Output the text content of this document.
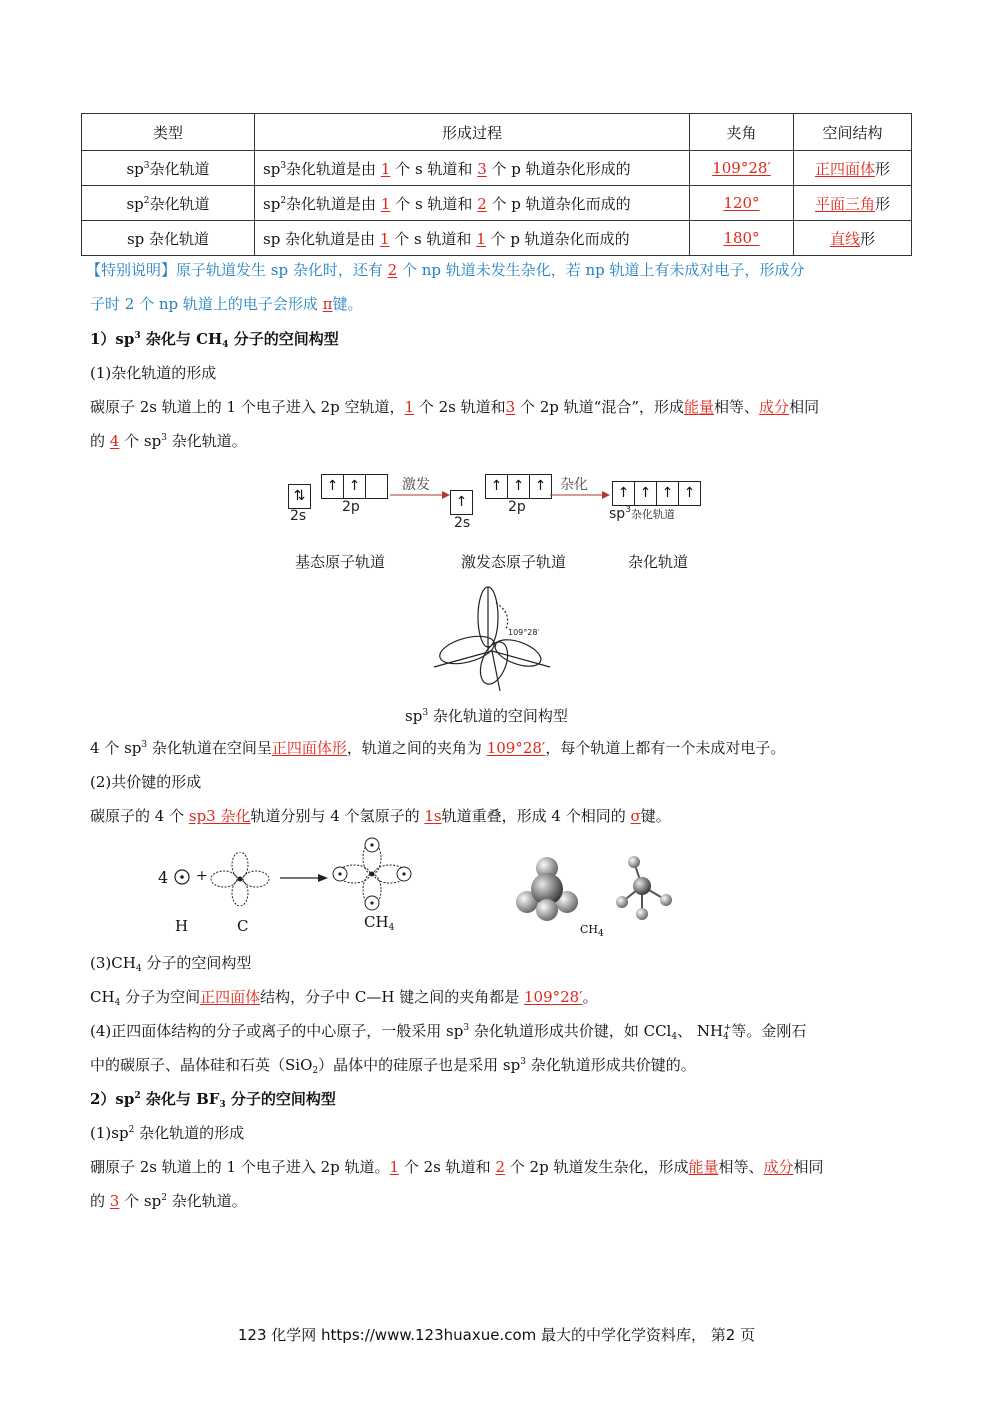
类型	形成过程	夹角	空间结构
$sp^3$杂化轨道	$sp^3$杂化轨道是由 1 个 s 轨道和 3 个 p 轨道杂化形成的	109°28′	正四面体形
$sp^2$杂化轨道	$sp^2$杂化轨道是由 1 个 s 轨道和 2 个 p 轨道杂化而成的	120°	平面三角形
sp 杂化轨道	sp 杂化轨道是由 1 个 s 轨道和 1 个 p 轨道杂化而成的	180°	直线形
【特别说明】原子轨道发生 sp 杂化时，还有 2 个 np 轨道未发生杂化，若 np 轨道上有未成对电子，形成分
子时 2 个 np 轨道上的电子会形成 π键。
$1)sp^3$ 杂化与 $CH_4$ 分子的空间构型
(1)杂化轨道的形成
碳原子 2s 轨道上的 1 个电子进入 2p 空轨道，1 个 2s 轨道和3 个 2p 轨道“混合”，形成能量相等、成分相同
的 4 个 $sp^3$ 杂化轨道。
⇅
2s
↑ ↑
2p
激发	杂化
↑
2s
↑ ↑ ↑
2p
↑ ↑ ↑ ↑
$sp^3$杂化轨道
基态原子轨道	激发态原子轨道	杂化轨道
109°28′
$sp^3$ 杂化轨道的空间构型
4 个 $sp^3$ 杂化轨道在空间呈正四面体形，轨道之间的夹角为 109°28′，每个轨道上都有一个未成对电子。
(2)共价键的形成
碳原子的 4 个 sp3 杂化轨道分别与 4 个氢原子的 1s轨道重叠，形成 4 个相同的 σ键。
4 +
H	C	$CH_4$	$CH_4$
$(3)CH_4$ 分子的空间构型
$CH_4$ 分子为空间正四面体结构，分子中 C—H 键之间的夹角都是 109°28′。
(4)正四面体结构的分子或离子的中心原子，一般采用 $sp^3$ 杂化轨道形成共价键，如 CCl$_4$、 $NH_4^+$等。金刚石
中的碳原子、晶体硅和石英（SiO$_2$）晶体中的硅原子也是采用 $sp^3$ 杂化轨道形成共价键的。
$2)sp^2$ 杂化与 $BF_3$ 分子的空间构型
$(1)sp^2$ 杂化轨道的形成
硼原子 2s 轨道上的 1 个电子进入 2p 轨道。1 个 2s 轨道和 2 个 2p 轨道发生杂化，形成能量相等、成分相同
的 3 个 $sp^2$ 杂化轨道。
123 化学网 https://www.123huaxue.com 最大的中学化学资料库， 第2 页
